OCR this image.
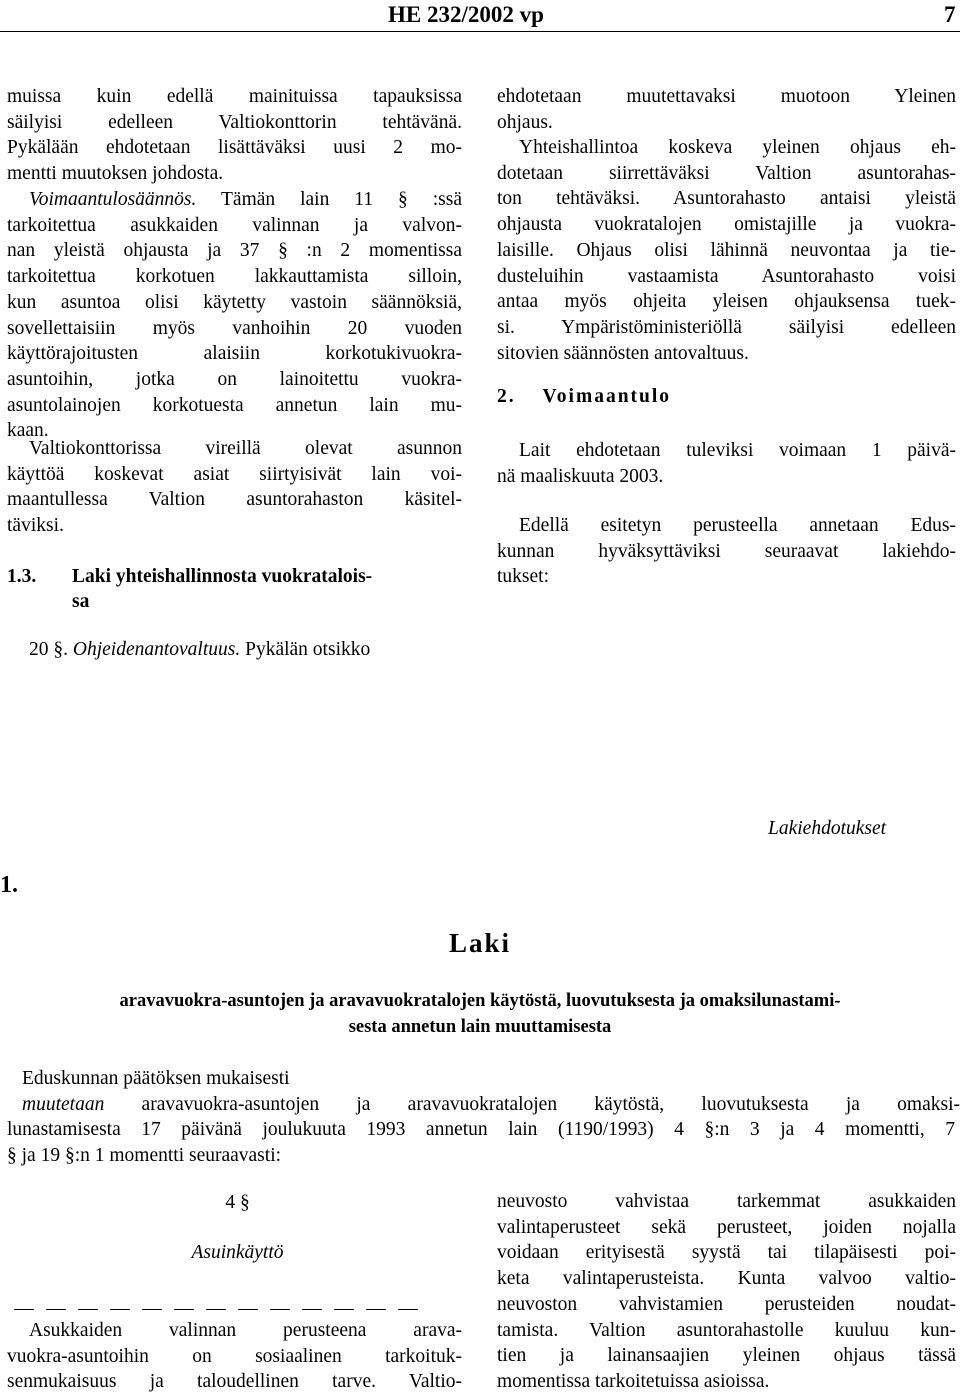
HE 232/2002 vp	7
muissa kuin edellä mainituissa tapauksissa
säilyisi edelleen Valtiokonttorin tehtävänä.
Pykälään ehdotetaan lisättäväksi uusi 2 mo-
mentti muutoksen johdosta.
Voimaantulosäännös. Tämän lain 11 § :ssä
tarkoitettua asukkaiden valinnan ja valvon-
nan yleistä ohjausta ja 37 § :n 2 momentissa
tarkoitettua korkotuen lakkauttamista silloin,
kun asuntoa olisi käytetty vastoin säännöksiä,
sovellettaisiin myös vanhoihin 20 vuoden
käyttörajoitusten alaisiin korkotukivuokra-
asuntoihin, jotka on lainoitettu vuokra-
asuntolainojen korkotuesta annetun lain mu-
kaan.
Valtiokonttorissa vireillä olevat asunnon
käyttöä koskevat asiat siirtyisivät lain voi-
maantullessa Valtion asuntorahaston käsitel-
täviksi.
1.3. Laki yhteishallinnosta vuokratalois-
sa
20 §. Ohjeidenantovaltuus. Pykälän otsikko
ehdotetaan muutettavaksi muotoon Yleinen
ohjaus.
Yhteishallintoa koskeva yleinen ohjaus eh-
dotetaan siirrettäväksi Valtion asuntorahas-
ton tehtäväksi. Asuntorahasto antaisi yleistä
ohjausta vuokratalojen omistajille ja vuokra-
laisille. Ohjaus olisi lähinnä neuvontaa ja tie-
dusteluihin vastaamista Asuntorahasto voisi
antaa myös ohjeita yleisen ohjauksensa tuek-
si. Ympäristöministeriöllä säilyisi edelleen
sitovien säännösten antovaltuus.
2. Voimaantulo
Lait ehdotetaan tuleviksi voimaan 1 päivä-
nä maaliskuuta 2003.
Edellä esitetyn perusteella annetaan Edus-
kunnan hyväksyttäviksi seuraavat lakiehdo-
tukset:
Lakiehdotukset
1.
Laki
aravavuokra-asuntojen ja aravavuokratalojen käytöstä, luovutuksesta ja omaksilunastami-
sesta annetun lain muuttamisesta
Eduskunnan päätöksen mukaisesti
muutetaan aravavuokra-asuntojen ja aravavuokratalojen käytöstä, luovutuksesta ja omaksi-
lunastamisesta 17 päivänä joulukuuta 1993 annetun lain (1190/1993) 4 §:n 3 ja 4 momentti, 7
§ ja 19 §:n 1 momentti seuraavasti:
4 §
Asuinkäyttö
Asukkaiden valinnan perusteena arava-
vuokra-asuntoihin on sosiaalinen tarkoituk-
senmukaisuus ja taloudellinen tarve. Valtio-
neuvosto vahvistaa tarkemmat asukkaiden
valintaperusteet sekä perusteet, joiden nojalla
voidaan erityisestä syystä tai tilapäisesti poi-
keta valintaperusteista. Kunta valvoo valtio-
neuvoston vahvistamien perusteiden noudat-
tamista. Valtion asuntorahastolle kuuluu kun-
tien ja lainansaajien yleinen ohjaus tässä
momentissa tarkoitetuissa asioissa.
